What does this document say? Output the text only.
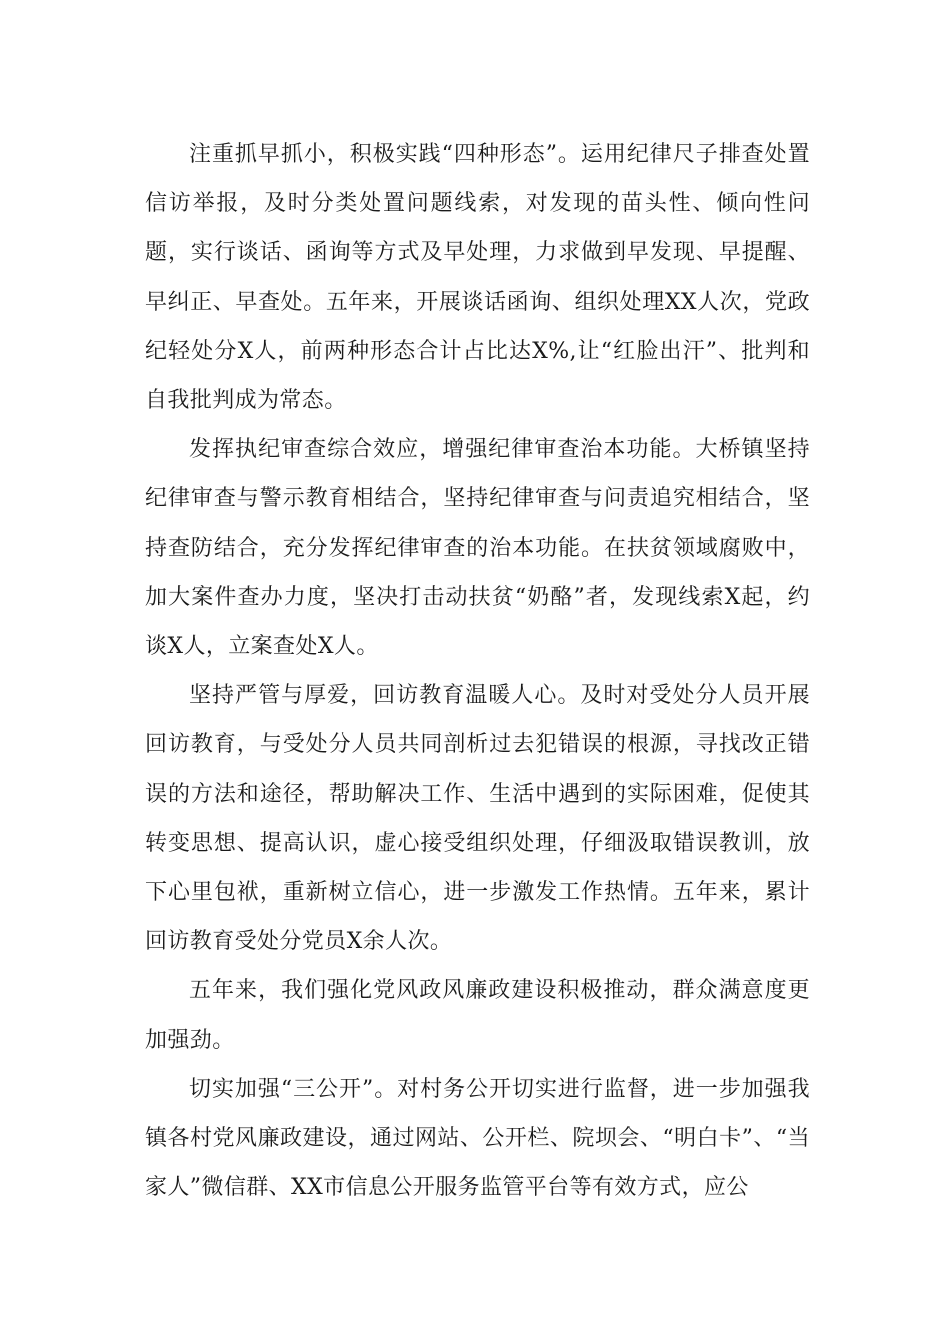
注重抓早抓小，积极实践“四种形态”。运用纪律尺子排查处置信访举报，及时分类处置问题线索，对发现的苗头性、倾向性问题，实行谈话、函询等方式及早处理，力求做到早发现、早提醒、早纠正、早查处。五年来，开展谈话函询、组织处理XX人次，党政纪轻处分X人，前两种形态合计占比达X%,让“红脸出汗”、批判和自我批判成为常态。

发挥执纪审查综合效应，增强纪律审查治本功能。大桥镇坚持纪律审查与警示教育相结合，坚持纪律审查与问责追究相结合，坚持查防结合，充分发挥纪律审查的治本功能。在扶贫领域腐败中，加大案件查办力度，坚决打击动扶贫“奶酪”者，发现线索X起，约谈X人，立案查处X人。

坚持严管与厚爱，回访教育温暖人心。及时对受处分人员开展回访教育，与受处分人员共同剖析过去犯错误的根源，寻找改正错误的方法和途径，帮助解决工作、生活中遇到的实际困难，促使其转变思想、提高认识，虚心接受组织处理，仔细汲取错误教训，放下心里包袱，重新树立信心，进一步激发工作热情。五年来，累计回访教育受处分党员X余人次。

五年来，我们强化党风政风廉政建设积极推动，群众满意度更加强劲。

切实加强“三公开”。对村务公开切实进行监督，进一步加强我镇各村党风廉政建设，通过网站、公开栏、院坝会、“明白卡”、“当家人”微信群、XX市信息公开服务监管平台等有效方式，应公
